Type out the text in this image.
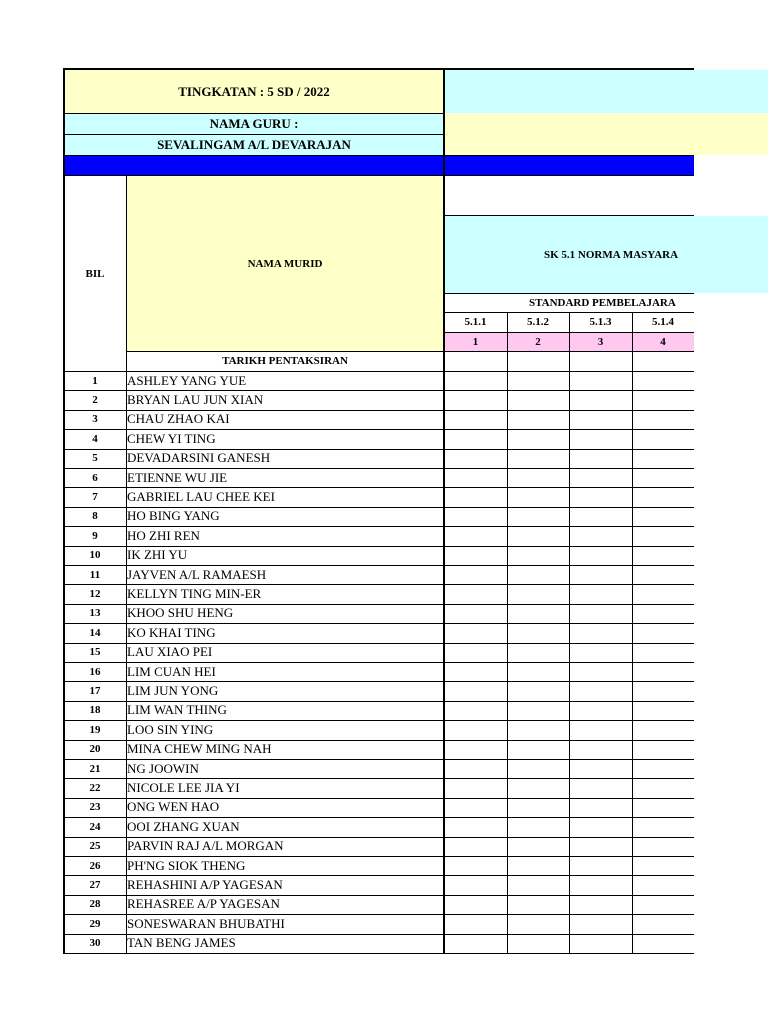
TINGKATAN : 5 SD / 2022
NAMA GURU :
SEVALINGAM A/L DEVARAJAN
BIL
NAMA MURID
TARIKH PENTAKSIRAN
SK 5.1 NORMA MASYARA
STANDARD PEMBELAJARA
5.1.1	5.1.2	5.1.3	5.1.4
1	2	3	4
1	ASHLEY YANG YUE
2	BRYAN LAU JUN XIAN
3	CHAU ZHAO KAI
4	CHEW YI TING
5	DEVADARSINI GANESH
6	ETIENNE WU JIE
7	GABRIEL LAU CHEE KEI
8	HO BING YANG
9	HO ZHI REN
10	IK ZHI YU
11	JAYVEN A/L RAMAESH
12	KELLYN TING MIN-ER
13	KHOO SHU HENG
14	KO KHAI TING
15	LAU XIAO PEI
16	LIM CUAN HEI
17	LIM JUN YONG
18	LIM WAN THING
19	LOO SIN YING
20	MINA CHEW MING NAH
21	NG JOOWIN
22	NICOLE LEE JIA YI
23	ONG WEN HAO
24	OOI ZHANG XUAN
25	PARVIN RAJ A/L MORGAN
26	PH'NG SIOK THENG
27	REHASHINI A/P YAGESAN
28	REHASREE A/P YAGESAN
29	SONESWARAN BHUBATHI
30	TAN BENG JAMES
